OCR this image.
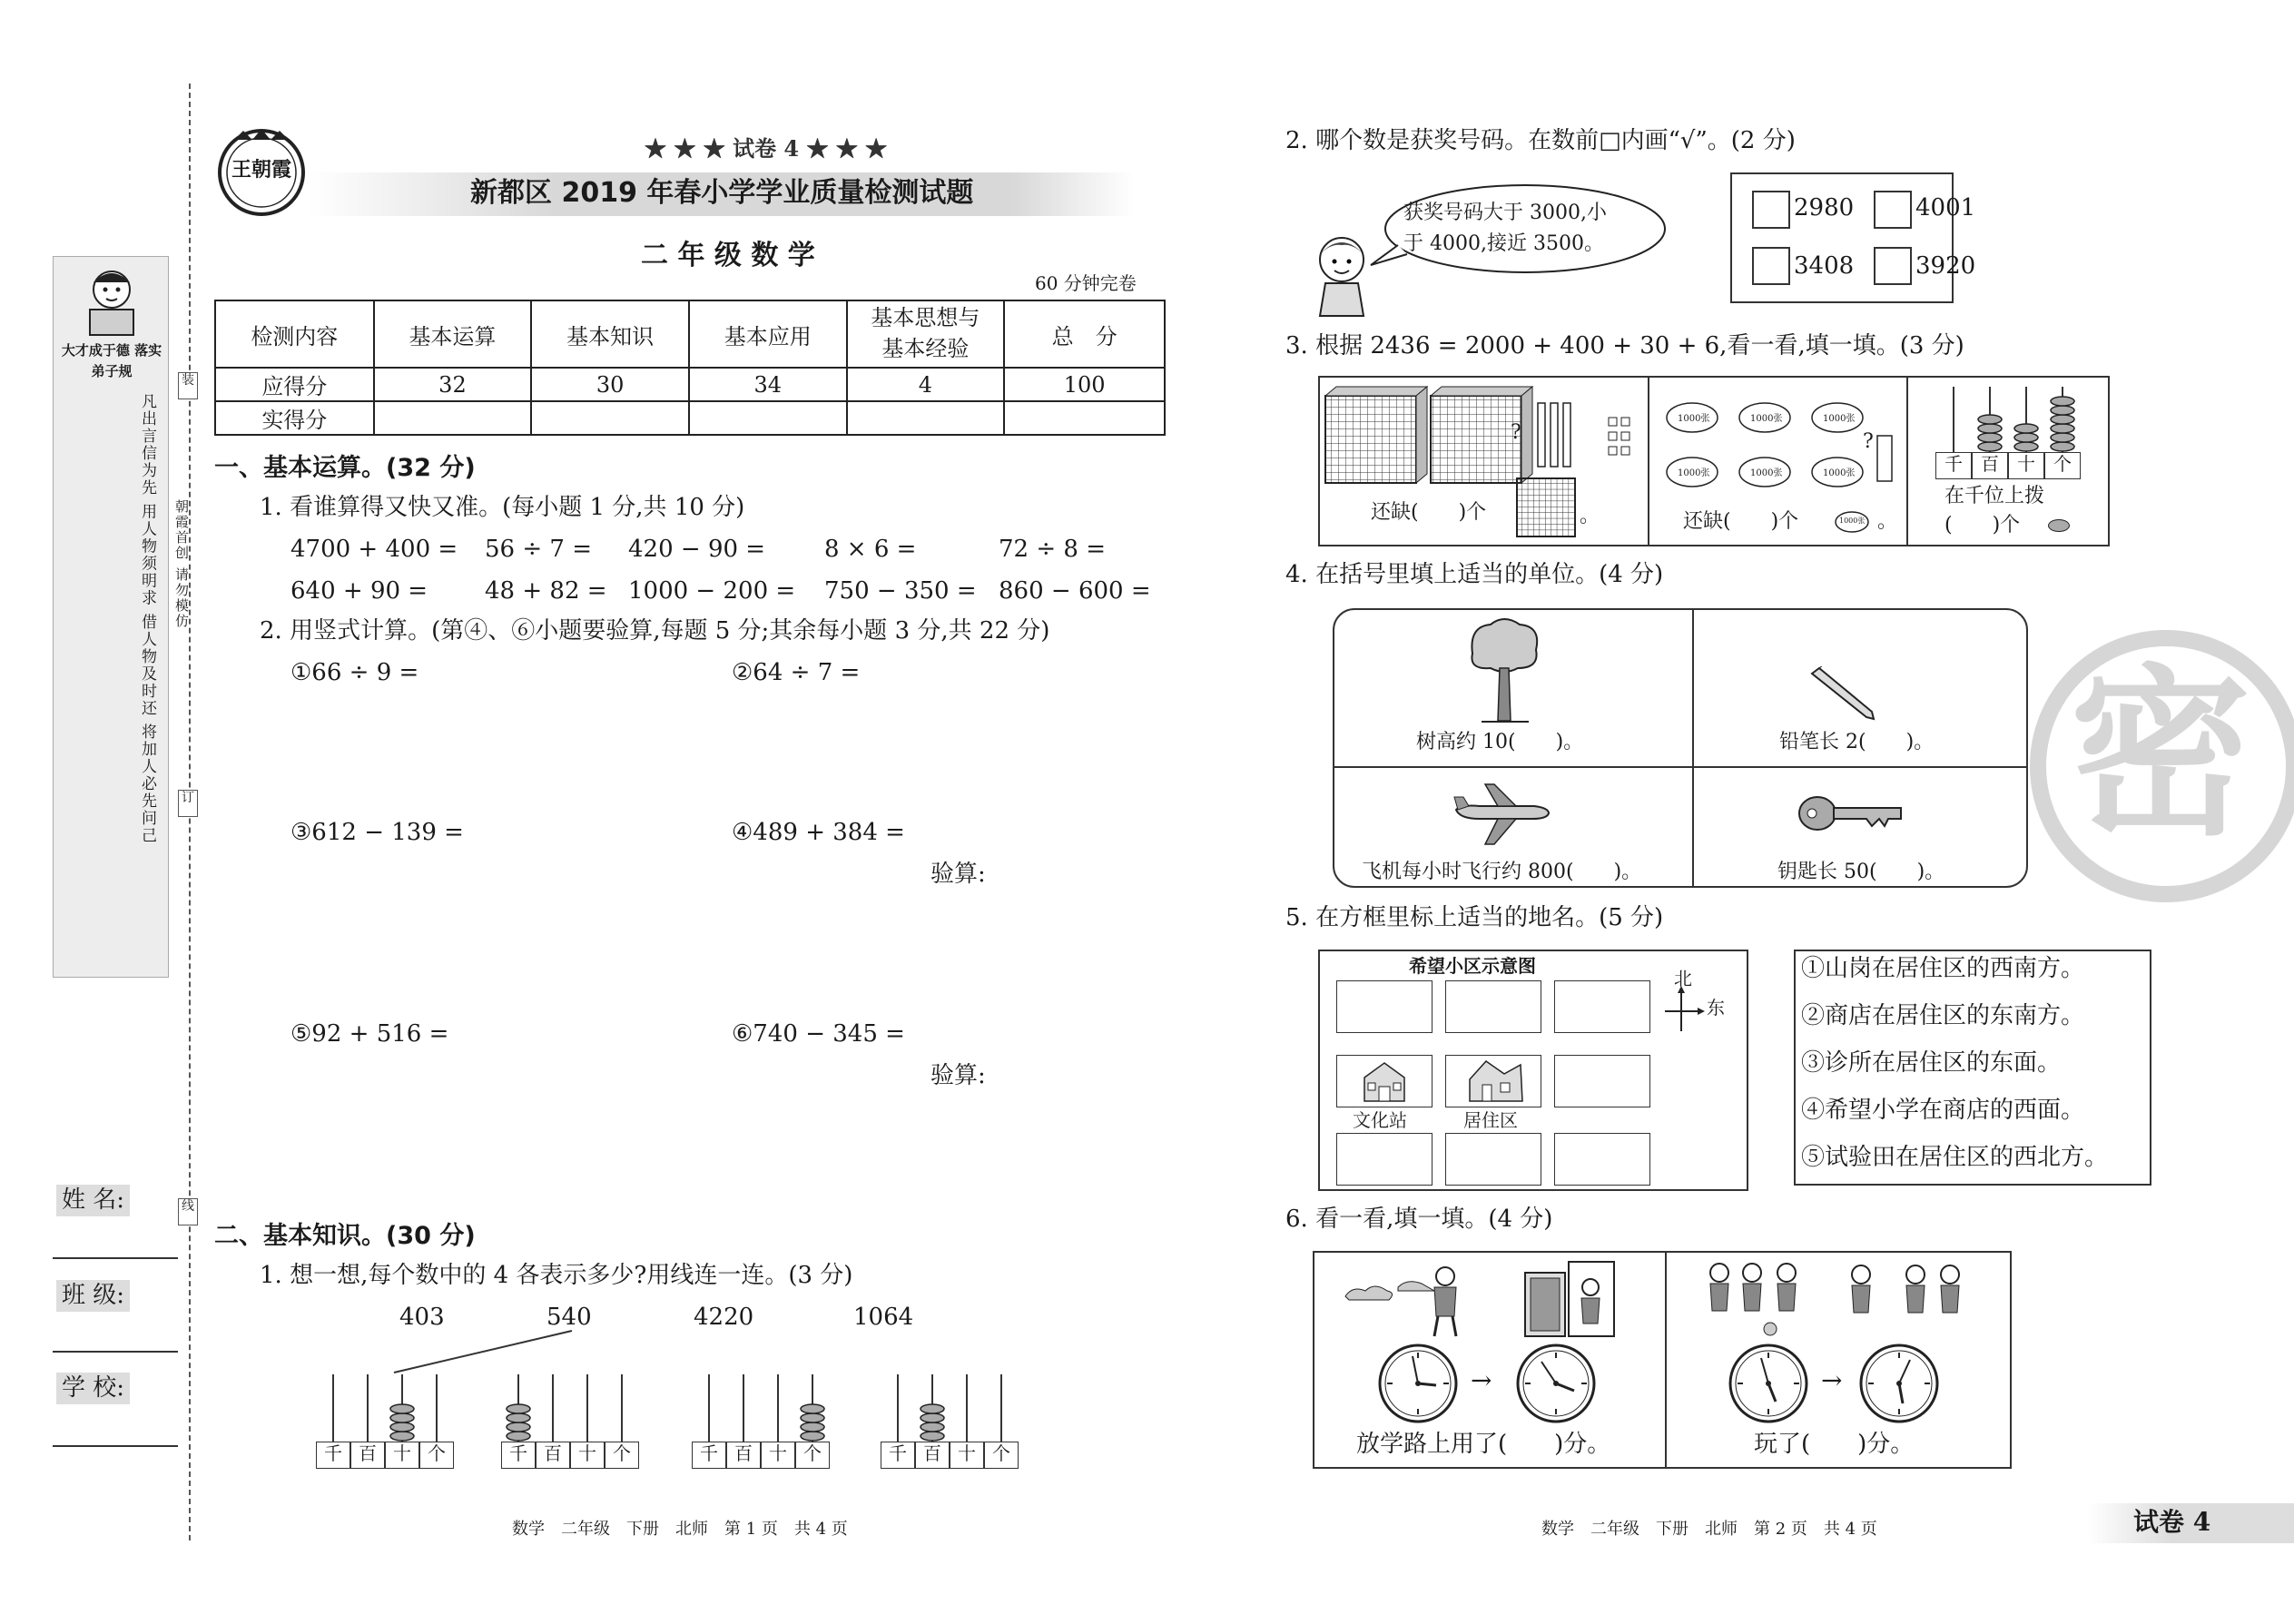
大才成于德 落实弟子规
凡出言信为先 用人物须明求 借人物及时还 将加人必先问己
装
订
线
朝霞首创 请勿模仿
姓 名:
班 级:
学 校:
王朝霞
★ ★ ★ 试卷 4 ★ ★ ★
新都区 2019 年春小学学业质量检测试题
二 年 级 数 学
60 分钟完卷
检测内容	基本运算	基本知识	基本应用	基本思想与基本经验	总　分
应得分	32	30	34	4	100
实得分					
一、基本运算。(32 分)
1. 看谁算得又快又准。(每小题 1 分,共 10 分)
4700 + 400 = 56 ÷ 7 = 420 − 90 = 8 × 6 =	72 ÷ 8 =
640 + 90 = 48 + 82 = 1000 − 200 = 750 − 350 = 860 − 600 =
2. 用竖式计算。(第④、⑥小题要验算,每题 5 分;其余每小题 3 分,共 22 分)
①66 ÷ 9 =	②64 ÷ 7 =
③612 − 139 =	④489 + 384 =
验算:
⑤92 + 516 =	⑥740 − 345 =
验算:
二、基本知识。(30 分)
1. 想一想,每个数中的 4 各表示多少?用线连一连。(3 分)
403	540	4220	1064
千 百 十 个	千 百 十 个	千 百 十 个	千 百 十 个
数学　二年级　下册　北师　第 1 页　共 4 页
2. 哪个数是获奖号码。在数前□内画“√”。(2 分)
获奖号码大于 3000,小
于 4000,接近 3500。
2980	4001
3408	3920
3. 根据 2436 = 2000 + 400 + 30 + 6,看一看,填一填。(3 分)
?
还缺(　　)个	。
1000张	1000张	1000张
1000张	1000张	1000张
?
还缺(　　)个	1000张 。
千	百	十	个
在千位上拨
(　　)个
4. 在括号里填上适当的单位。(4 分)
树高约 10(　　)。	铅笔长 2(　　)。
飞机每小时飞行约 800(　　)。	钥匙长 50(　　)。
5. 在方框里标上适当的地名。(5 分)
希望小区示意图
文化站	居住区
北
东
①山岗在居住区的西南方。
②商店在居住区的东南方。
③诊所在居住区的东面。
④希望小学在商店的西面。
⑤试验田在居住区的西北方。
6. 看一看,填一填。(4 分)
→
放学路上用了(　　)分。
→
玩了(　　)分。
密
数学　二年级　下册　北师　第 2 页　共 4 页	试卷 4
